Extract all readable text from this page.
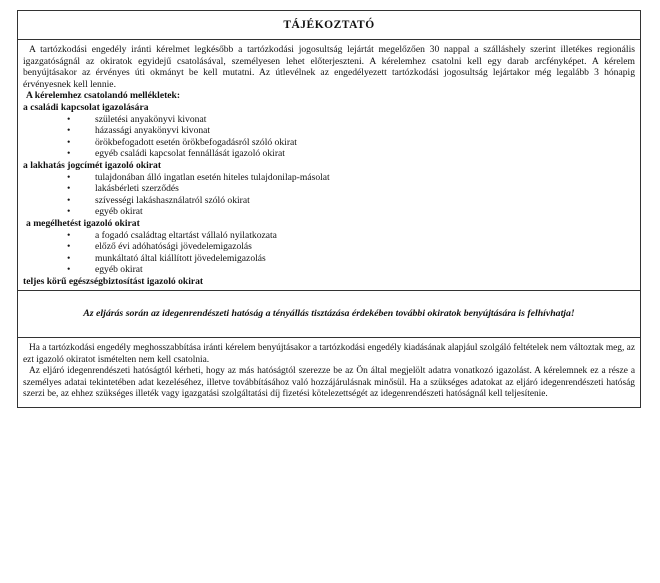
TÁJÉKOZTATÓ

A tartózkodási engedély iránti kérelmet legkésőbb a tartózkodási jogosultság lejártát megelőzően 30 nappal a szálláshely szerint illetékes regionális igazgatóságnál az okiratok egyidejű csatolásával, személyesen lehet előterjeszteni. A kérelemhez csatolni kell egy darab arcfényképet. A kérelem benyújtásakor az érvényes úti okmányt be kell mutatni. Az útlevélnek az engedélyezett tartózkodási jogosultság lejártakor még legalább 3 hónapig érvényesnek kell lennie.

A kérelemhez csatolandó mellékletek:
a családi kapcsolat igazolására
• születési anyakönyvi kivonat
• házassági anyakönyvi kivonat
• örökbefogadott esetén örökbefogadásról szóló okirat
• egyéb családi kapcsolat fennállását igazoló okirat
a lakhatás jogcímét igazoló okirat
• tulajdonában álló ingatlan esetén hiteles tulajdonilap-másolat
• lakásbérleti szerződés
• szívességi lakáshasználatról szóló okirat
• egyéb okirat
a megélhetést igazoló okirat
• a fogadó családtag eltartást vállaló nyilatkozata
• előző évi adóhatósági jövedelemigazolás
• munkáltató által kiállított jövedelemigazolás
• egyéb okirat
teljes körű egészségbiztosítást igazoló okirat
Az eljárás során az idegenrendészeti hatóság a tényállás tisztázása érdekében további okiratok benyújtására is felhívhatja!

Ha a tartózkodási engedély meghosszabbítása iránti kérelem benyújtásakor a tartózkodási engedély kiadásának alapjául szolgáló feltételek nem változtak meg, az ezt igazoló okiratot ismételten nem kell csatolnia.

Az eljáró idegenrendészeti hatóságtól kérheti, hogy az más hatóságtól szerezze be az Ön által megjelölt adatra vonatkozó igazolást. A kérelemnek ez a része a személyes adatai tekintetében adat kezeléséhez, illetve továbbításához való hozzájárulásnak minősül. Ha a szükséges adatokat az eljáró idegenrendészeti hatóság szerzi be, az ehhez szükséges illeték vagy igazgatási szolgáltatási díj fizetési kötelezettségét az idegenrendészeti hatóságnál kell teljesítenie.
